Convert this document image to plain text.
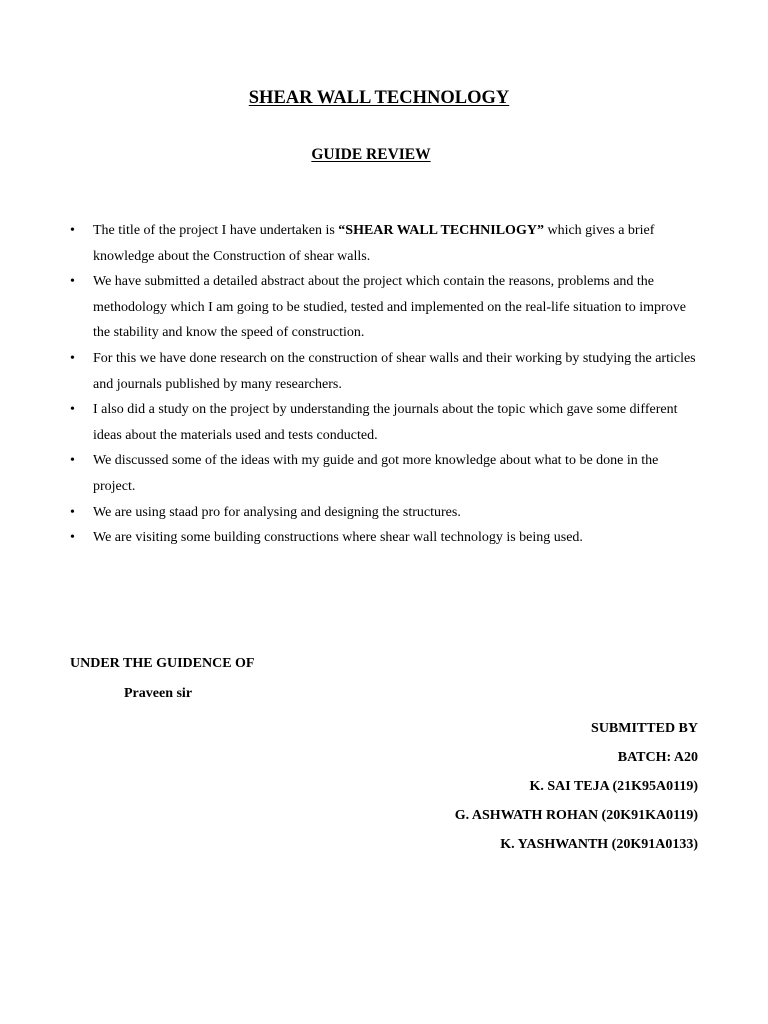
SHEAR WALL TECHNOLOGY
GUIDE REVIEW
• The title of the project I have undertaken is “SHEAR WALL TECHNILOGY” which gives a brief knowledge about the Construction of shear walls.
• We have submitted a detailed abstract about the project which contain the reasons, problems and the methodology which I am going to be studied, tested and implemented on the real-life situation to improve the stability and know the speed of construction.
• For this we have done research on the construction of shear walls and their working by studying the articles and journals published by many researchers.
• I also did a study on the project by understanding the journals about the topic which gave some different ideas about the materials used and tests conducted.
• We discussed some of the ideas with my guide and got more knowledge about what to be done in the project.
• We are using staad pro for analysing and designing the structures.
• We are visiting some building constructions where shear wall technology is being used.
UNDER THE GUIDENCE OF
Praveen sir
SUBMITTED BY
BATCH: A20
K. SAI TEJA (21K95A0119)
G. ASHWATH ROHAN (20K91KA0119)
K. YASHWANTH (20K91A0133)
